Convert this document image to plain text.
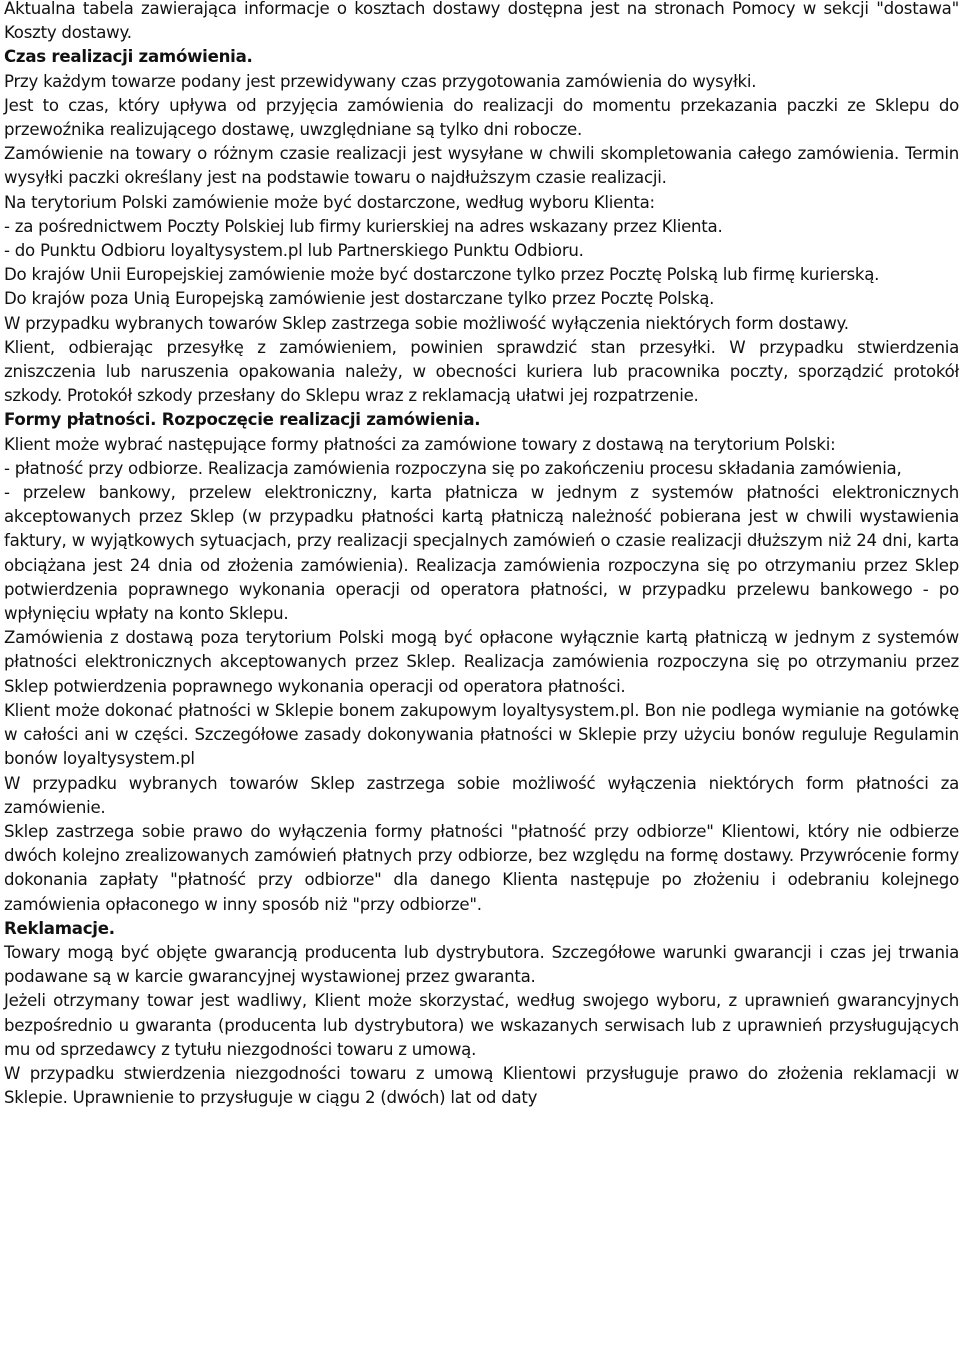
Aktualna tabela zawierająca informacje o kosztach dostawy dostępna jest na stronach Pomocy w sekcji "dostawa" Koszty dostawy.

Czas realizacji zamówienia.

Przy każdym towarze podany jest przewidywany czas przygotowania zamówienia do wysyłki.

Jest to czas, który upływa od przyjęcia zamówienia do realizacji do momentu przekazania paczki ze Sklepu do przewoźnika realizującego dostawę, uwzględniane są tylko dni robocze.

Zamówienie na towary o różnym czasie realizacji jest wysyłane w chwili skompletowania całego zamówienia. Termin wysyłki paczki określany jest na podstawie towaru o najdłuższym czasie realizacji.

Na terytorium Polski zamówienie może być dostarczone, według wyboru Klienta:

- za pośrednictwem Poczty Polskiej lub firmy kurierskiej na adres wskazany przez Klienta.

- do Punktu Odbioru loyaltysystem.pl lub Partnerskiego Punktu Odbioru.

Do krajów Unii Europejskiej zamówienie może być dostarczone tylko przez Pocztę Polską lub firmę kurierską.

Do krajów poza Unią Europejską zamówienie jest dostarczane tylko przez Pocztę Polską.

W przypadku wybranych towarów Sklep zastrzega sobie możliwość wyłączenia niektórych form dostawy.

Klient, odbierając przesyłkę z zamówieniem, powinien sprawdzić stan przesyłki. W przypadku stwierdzenia zniszczenia lub naruszenia opakowania należy, w obecności kuriera lub pracownika poczty, sporządzić protokół szkody. Protokół szkody przesłany do Sklepu wraz z reklamacją ułatwi jej rozpatrzenie.

Formy płatności. Rozpoczęcie realizacji zamówienia.

Klient może wybrać następujące formy płatności za zamówione towary z dostawą na terytorium Polski:

- płatność przy odbiorze. Realizacja zamówienia rozpoczyna się po zakończeniu procesu składania zamówienia,

- przelew bankowy, przelew elektroniczny, karta płatnicza w jednym z systemów płatności elektronicznych akceptowanych przez Sklep (w przypadku płatności kartą płatniczą należność pobierana jest w chwili wystawienia faktury, w wyjątkowych sytuacjach, przy realizacji specjalnych zamówień o czasie realizacji dłuższym niż 24 dni, karta obciążana jest 24 dnia od złożenia zamówienia). Realizacja zamówienia rozpoczyna się po otrzymaniu przez Sklep potwierdzenia poprawnego wykonania operacji od operatora płatności, w przypadku przelewu bankowego - po wpłynięciu wpłaty na konto Sklepu.

Zamówienia z dostawą poza terytorium Polski mogą być opłacone wyłącznie kartą płatniczą w jednym z systemów płatności elektronicznych akceptowanych przez Sklep. Realizacja zamówienia rozpoczyna się po otrzymaniu przez Sklep potwierdzenia poprawnego wykonania operacji od operatora płatności.

Klient może dokonać płatności w Sklepie bonem zakupowym loyaltysystem.pl. Bon nie podlega wymianie na gotówkę w całości ani w części. Szczegółowe zasady dokonywania płatności w Sklepie przy użyciu bonów reguluje Regulamin bonów loyaltysystem.pl

W przypadku wybranych towarów Sklep zastrzega sobie możliwość wyłączenia niektórych form płatności za zamówienie.

Sklep zastrzega sobie prawo do wyłączenia formy płatności "płatność przy odbiorze" Klientowi, który nie odbierze dwóch kolejno zrealizowanych zamówień płatnych przy odbiorze, bez względu na formę dostawy. Przywrócenie formy dokonania zapłaty "płatność przy odbiorze" dla danego Klienta następuje po złożeniu i odebraniu kolejnego zamówienia opłaconego w inny sposób niż "przy odbiorze".

Reklamacje.

Towary mogą być objęte gwarancją producenta lub dystrybutora. Szczegółowe warunki gwarancji i czas jej trwania podawane są w karcie gwarancyjnej wystawionej przez gwaranta.

Jeżeli otrzymany towar jest wadliwy, Klient może skorzystać, według swojego wyboru, z uprawnień gwarancyjnych bezpośrednio u gwaranta (producenta lub dystrybutora) we wskazanych serwisach lub z uprawnień przysługujących mu od sprzedawcy z tytułu niezgodności towaru z umową.

W przypadku stwierdzenia niezgodności towaru z umową Klientowi przysługuje prawo do złożenia reklamacji w Sklepie. Uprawnienie to przysługuje w ciągu 2 (dwóch) lat od daty
